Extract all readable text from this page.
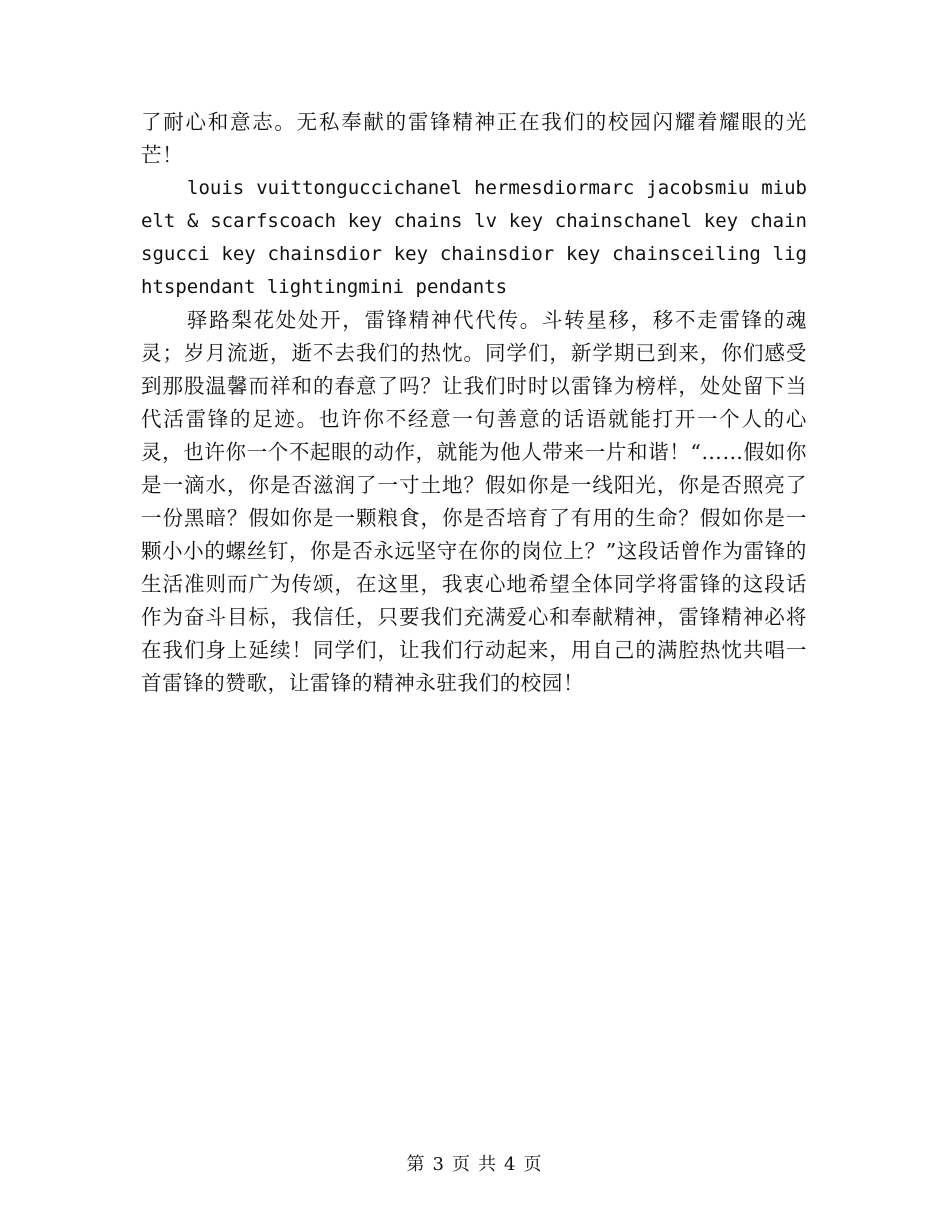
了耐心和意志。无私奉献的雷锋精神正在我们的校园闪耀着耀眼的光芒！

louis vuittonguccichanel hermesdiormarc jacobsmiu miubelt & scarfscoach key chains lv key chainschanel key chainsgucci key chainsdior key chainsdior key chainsceiling lightspendant lightingmini pendants

驿路梨花处处开，雷锋精神代代传。斗转星移，移不走雷锋的魂灵；岁月流逝，逝不去我们的热忱。同学们，新学期已到来，你们感受到那股温馨而祥和的春意了吗？让我们时时以雷锋为榜样，处处留下当代活雷锋的足迹。也许你不经意一句善意的话语就能打开一个人的心灵，也许你一个不起眼的动作，就能为他人带来一片和谐！“……假如你是一滴水，你是否滋润了一寸土地？假如你是一线阳光，你是否照亮了一份黑暗？假如你是一颗粮食，你是否培育了有用的生命？假如你是一颗小小的螺丝钉，你是否永远坚守在你的岗位上？”这段话曾作为雷锋的生活准则而广为传颂，在这里，我衷心地希望全体同学将雷锋的这段话作为奋斗目标，我信任，只要我们充满爱心和奉献精神，雷锋精神必将在我们身上延续！同学们，让我们行动起来，用自己的满腔热忱共唱一首雷锋的赞歌，让雷锋的精神永驻我们的校园！

第 3 页 共 4 页
